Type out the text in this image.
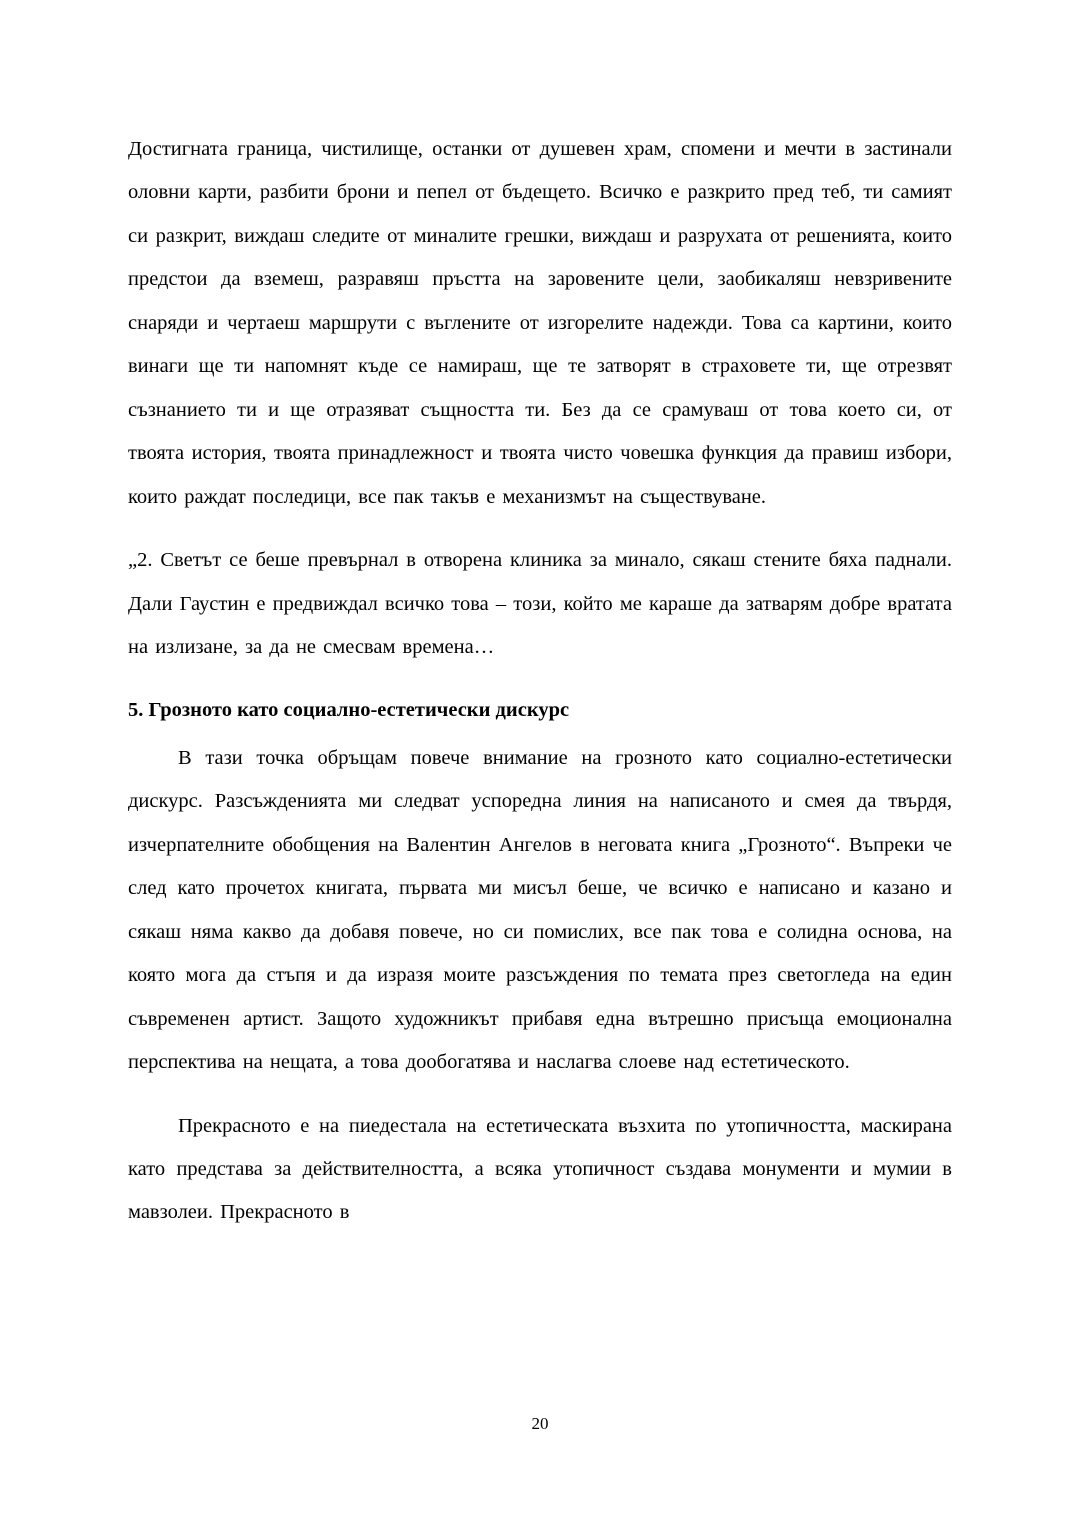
Достигната граница, чистилище, останки от душевен храм, спомени и мечти в застинали оловни карти, разбити брони и пепел от бъдещето. Всичко е разкрито пред теб, ти самият си разкрит, виждаш следите от миналите грешки, виждаш и разрухата от решенията, които предстои да вземеш, разравяш пръстта на заровените цели, заобикаляш невзривените снаряди и чертаеш маршрути с въглените от изгорелите надежди. Това са картини, които винаги ще ти напомнят къде се намираш, ще те затворят в страховете ти, ще отрезвят съзнанието ти и ще отразяват същността ти. Без да се срамуваш от това което си, от твоята история, твоята принадлежност и твоята чисто човешка функция да правиш избори, които раждат последици, все пак такъв е механизмът на съществуване.

„2. Светът се беше превърнал в отворена клиника за минало, сякаш стените бяха паднали. Дали Гаустин е предвиждал всичко това – този, който ме караше да затварям добре вратата на излизане, за да не смесвам времена…

5. Грозното като социално-естетически дискурс

В тази точка обръщам повече внимание на грозното като социално-естетически дискурс. Разсъжденията ми следват успоредна линия на написаното и смея да твърдя, изчерпателните обобщения на Валентин Ангелов в неговата книга „Грозното“. Въпреки че след като прочетох книгата, първата ми мисъл беше, че всичко е написано и казано и сякаш няма какво да добавя повече, но си помислих, все пак това е солидна основа, на която мога да стъпя и да изразя моите разсъждения по темата през светогледа на един съвременен артист. Защото художникът прибавя една вътрешно присъща емоционална перспектива на нещата, а това дообогатява и наслагва слоеве над естетическото.

Прекрасното е на пиедестала на естетическата възхита по утопичността, маскирана като представа за действителността, а всяка утопичност създава монументи и мумии в мавзолеи. Прекрасното в

20
